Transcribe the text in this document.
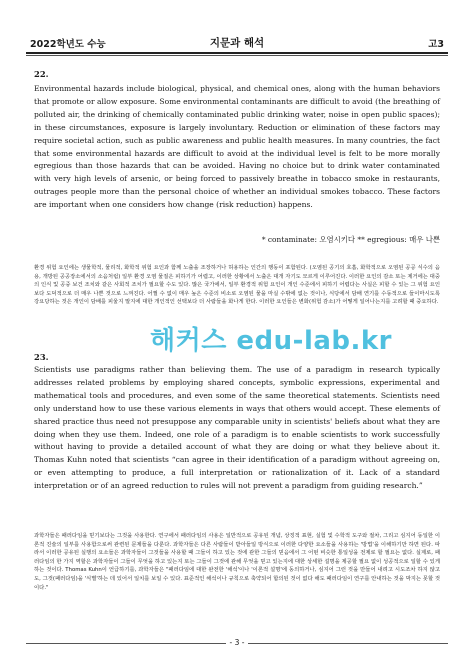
2022학년도 수능	지문과 해석	고3
22.

Environmental hazards include biological, physical, and chemical ones, along with the human behaviors that promote or allow exposure. Some environmental contaminants are difficult to avoid (the breathing of polluted air, the drinking of chemically contaminated public drinking water, noise in open public spaces); in these circumstances, exposure is largely involuntary. Reduction or elimination of these factors may require societal action, such as public awareness and public health measures. In many countries, the fact that some environmental hazards are difficult to avoid at the individual level is felt to be more morally egregious than those hazards that can be avoided. Having no choice but to drink water contaminated with very high levels of arsenic, or being forced to passively breathe in tobacco smoke in restaurants, outrages people more than the personal choice of whether an individual smokes tobacco. These factors are important when one considers how change (risk reduction) happens.

* contaminate: 오염시키다 ** egregious: 매우 나쁜

환경 위험 요인에는 생물학적, 물리적, 화학적 위험 요인과 함께 노출을 조장하거나 허용하는 인간의 행동이 포함된다. (오염된 공기의 호흡, 화학적으로 오염된 공공 식수의 음용, 개방된 공공장소에서의 소음처럼) 일부 환경 오염 물질은 피하기가 어렵고, 이러한 상황에서 노출은 대개 자기도 모르게 이루어진다. 이러한 요인의 감소 또는 제거에는 대중의 인식 및 공중 보건 조치와 같은 사회적 조치가 필요할 수도 있다. 많은 국가에서, 일부 환경적 위험 요인이 개인 수준에서 피하기 어렵다는 사실은 피할 수 있는 그 위험 요인보다 도덕적으로 더 매우 나쁜 것으로 느껴진다. 어쩔 수 없이 매우 높은 수준의 비소로 오염된 물을 마실 수밖에 없는 것이나, 식당에서 담배 연기를 수동적으로 들이마시도록 강요당하는 것은 개인이 담배를 피울지 말지에 대한 개인적인 선택보다 더 사람들을 화나게 한다. 이러한 요인들은 변화(위험 감소)가 어떻게 일어나는지를 고려할 때 중요하다.

23.

Scientists use paradigms rather than believing them. The use of a paradigm in research typically addresses related problems by employing shared concepts, symbolic expressions, experimental and mathematical tools and procedures, and even some of the same theoretical statements. Scientists need only understand how to use these various elements in ways that others would accept. These elements of shared practice thus need not presuppose any comparable unity in scientists' beliefs about what they are doing when they use them. Indeed, one role of a paradigm is to enable scientists to work successfully without having to provide a detailed account of what they are doing or what they believe about it. Thomas Kuhn noted that scientists “can agree in their identification of a paradigm without agreeing on, or even attempting to produce, a full interpretation or rationalization of it. Lack of a standard interpretation or of an agreed reduction to rules will not prevent a paradigm from guiding research.”

과학자들은 패러다임을 믿기보다는 그것을 사용한다. 연구에서 패러다임의 사용은 일반적으로 공유된 개념, 상징적 표현, 실험 및 수학적 도구와 절차, 그리고 심지어 동일한 이론적 진술의 일부를 사용함으로써 관련된 문제들을 다룬다. 과학자들은 다른 사람들이 받아들일 방식으로 이러한 다양한 요소들을 사용하는 '방법'을 이해하기만 하면 된다. 따라서 이러한 공유된 실행의 요소들은 과학자들이 그것들을 사용할 때 그들이 하고 있는 것에 관한 그들의 믿음에서 그 어떤 비슷한 통일성을 전제로 할 필요는 없다. 실제로, 패러다임의 한 가지 역할은 과학자들이 그들이 무엇을 하고 있는지 또는 그들이 그것에 관해 무엇을 믿고 있는지에 대한 상세한 설명을 제공할 필요 없이 성공적으로 일할 수 있게 하는 것이다. Thomas Kuhn이 언급하기를, 과학자들은 "패러다임에 대한 완전한 '해석'이나 '이론적 설명'에 동의하거나, 심지어 그런 것을 만들어 내려고 시도조차 하지 않고도, 그것(패러다임)을 '식별'하는 데 있어서 일치를 보일 수 있다. 표준적인 해석이나 규칙으로 축약되어 합의된 것이 없다 해도 패러다임이 연구를 안내하는 것을 막지는 못할 것이다."

해커스 edu-lab.kr
- 3 -
